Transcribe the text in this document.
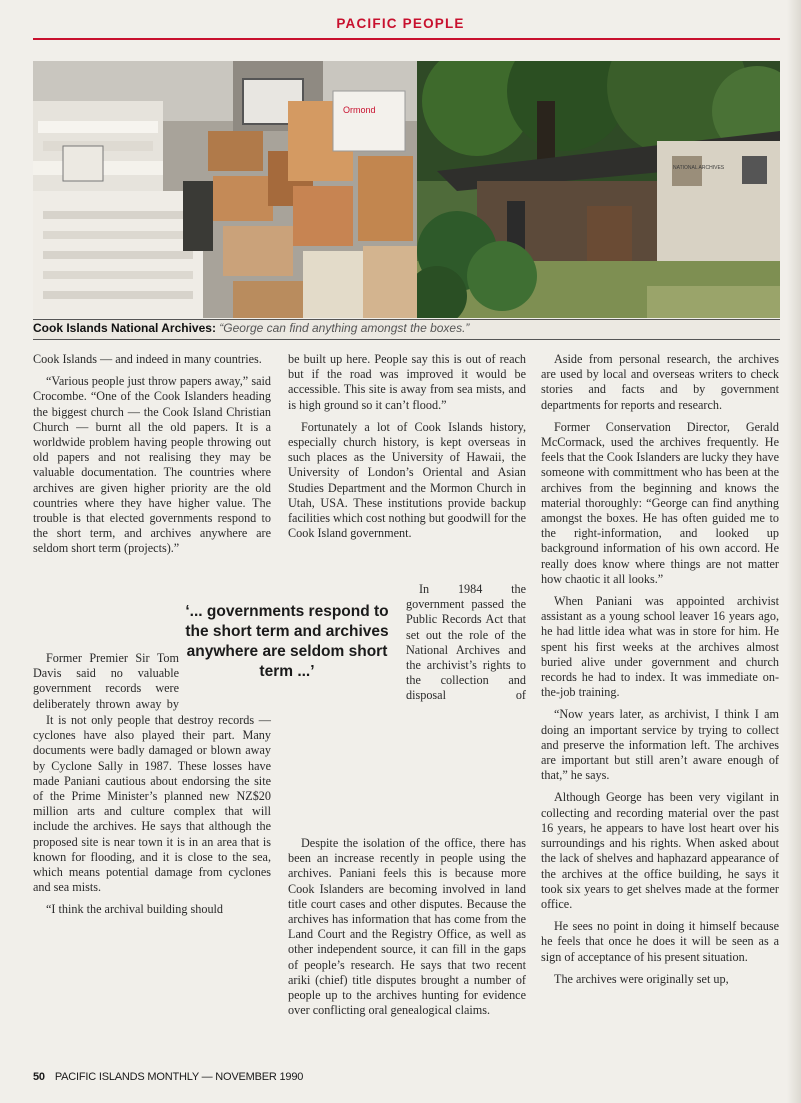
PACIFIC PEOPLE
Ormond
NATIONAL ARCHIVES
Cook Islands National Archives: “George can find anything amongst the boxes.”

Cook Islands — and indeed in many countries.

“Various people just throw papers away,” said Crocombe. “One of the Cook Islanders heading the biggest church — the Cook Island Christian Church — burnt all the old papers. It is a worldwide problem having people throwing out old papers and not realising they may be valuable documentation. The countries where archives are given higher priority are the old countries where they have higher value. The trouble is that elected governments respond to the short term, and archives anywhere are seldom short term (projects).”

It is not only people that destroy records — cyclones have also played their part. Many documents were badly damaged or blown away by Cyclone Sally in 1987. These losses have made Paniani cautious about endorsing the site of the Prime Minister’s planned new NZ$20 million arts and culture complex that will include the archives. He says that although the proposed site is near town it is in an area that is known for flooding, and it is close to the sea, which means potential damage from cyclones and sea mists.

“I think the archival building should

Former Premier Sir Tom Davis said no valuable government records were deliberately thrown away by

‘... governments respond to the short term and archives anywhere are seldom short term ...’

be built up here. People say this is out of reach but if the road was improved it would be accessible. This site is away from sea mists, and is high ground so it can’t flood.”

Fortunately a lot of Cook Islands history, especially church history, is kept overseas in such places as the University of Hawaii, the University of London’s Oriental and Asian Studies Department and the Mormon Church in Utah, USA. These institutions provide backup facilities which cost nothing but goodwill for the Cook Island government.

In 1984 the government passed the Public Records Act that set out the role of the National Archives and the archivist’s rights to the collection and disposal of

Despite the isolation of the office, there has been an increase recently in people using the archives. Paniani feels this is because more Cook Islanders are becoming involved in land title court cases and other disputes. Because the archives has information that has come from the Land Court and the Registry Office, as well as other independent source, it can fill in the gaps of people’s research. He says that two recent ariki (chief) title disputes brought a number of people up to the archives hunting for evidence over conflicting oral genealogical claims.

Aside from personal research, the archives are used by local and overseas writers to check stories and facts and by government departments for reports and research.

Former Conservation Director, Gerald McCormack, used the archives frequently. He feels that the Cook Islanders are lucky they have someone with committment who has been at the archives from the beginning and knows the material thoroughly: “George can find anything amongst the boxes. He has often guided me to the right-information, and looked up background information of his own accord. He really does know where things are not matter how chaotic it all looks.”

When Paniani was appointed archivist assistant as a young school leaver 16 years ago, he had little idea what was in store for him. He spent his first weeks at the archives almost buried alive under government and church records he had to index. It was immediate on-the-job training.

“Now years later, as archivist, I think I am doing an important service by trying to collect and preserve the information left. The archives are important but still aren’t aware enough of that,” he says.

Although George has been very vigilant in collecting and recording material over the past 16 years, he appears to have lost heart over his surroundings and his rights. When asked about the lack of shelves and haphazard appearance of the archives at the office building, he says it took six years to get shelves made at the former office.

He sees no point in doing it himself because he feels that once he does it will be seen as a sign of acceptance of his present situation.

The archives were originally set up,

50 PACIFIC ISLANDS MONTHLY — NOVEMBER 1990
